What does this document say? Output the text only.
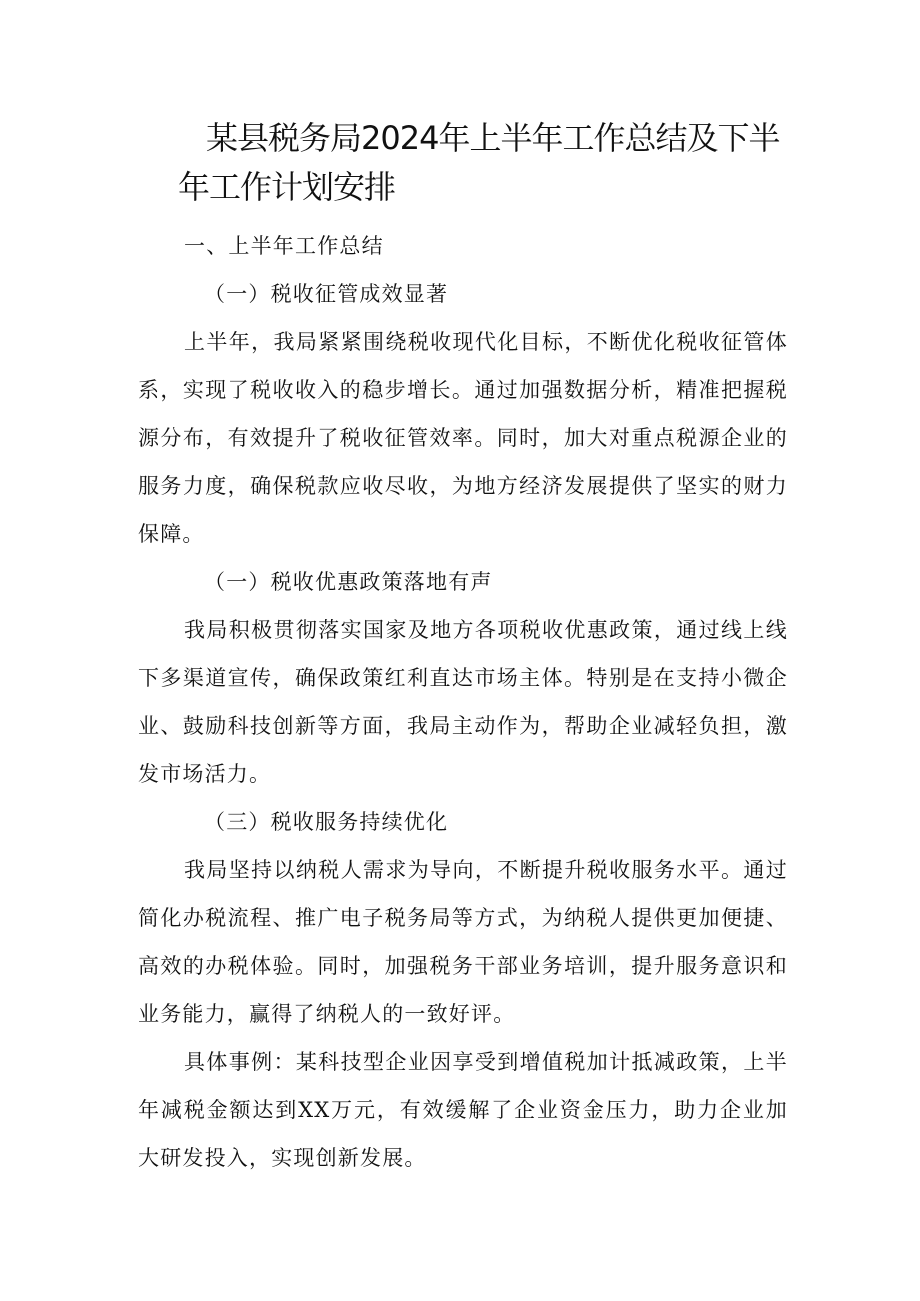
某县税务局2024年上半年工作总结及下半
年工作计划安排
一、上半年工作总结
（一）税收征管成效显著

上半年，我局紧紧围绕税收现代化目标，不断优化税收征管体系，实现了税收收入的稳步增长。通过加强数据分析，精准把握税源分布，有效提升了税收征管效率。同时，加大对重点税源企业的服务力度，确保税款应收尽收，为地方经济发展提供了坚实的财力保障。

（一）税收优惠政策落地有声

我局积极贯彻落实国家及地方各项税收优惠政策，通过线上线下多渠道宣传，确保政策红利直达市场主体。特别是在支持小微企业、鼓励科技创新等方面，我局主动作为，帮助企业减轻负担，激发市场活力。

（三）税收服务持续优化

我局坚持以纳税人需求为导向，不断提升税收服务水平。通过简化办税流程、推广电子税务局等方式，为纳税人提供更加便捷、高效的办税体验。同时，加强税务干部业务培训，提升服务意识和业务能力，赢得了纳税人的一致好评。

具体事例：某科技型企业因享受到增值税加计抵减政策，上半年减税金额达到XX万元，有效缓解了企业资金压力，助力企业加大研发投入，实现创新发展。
